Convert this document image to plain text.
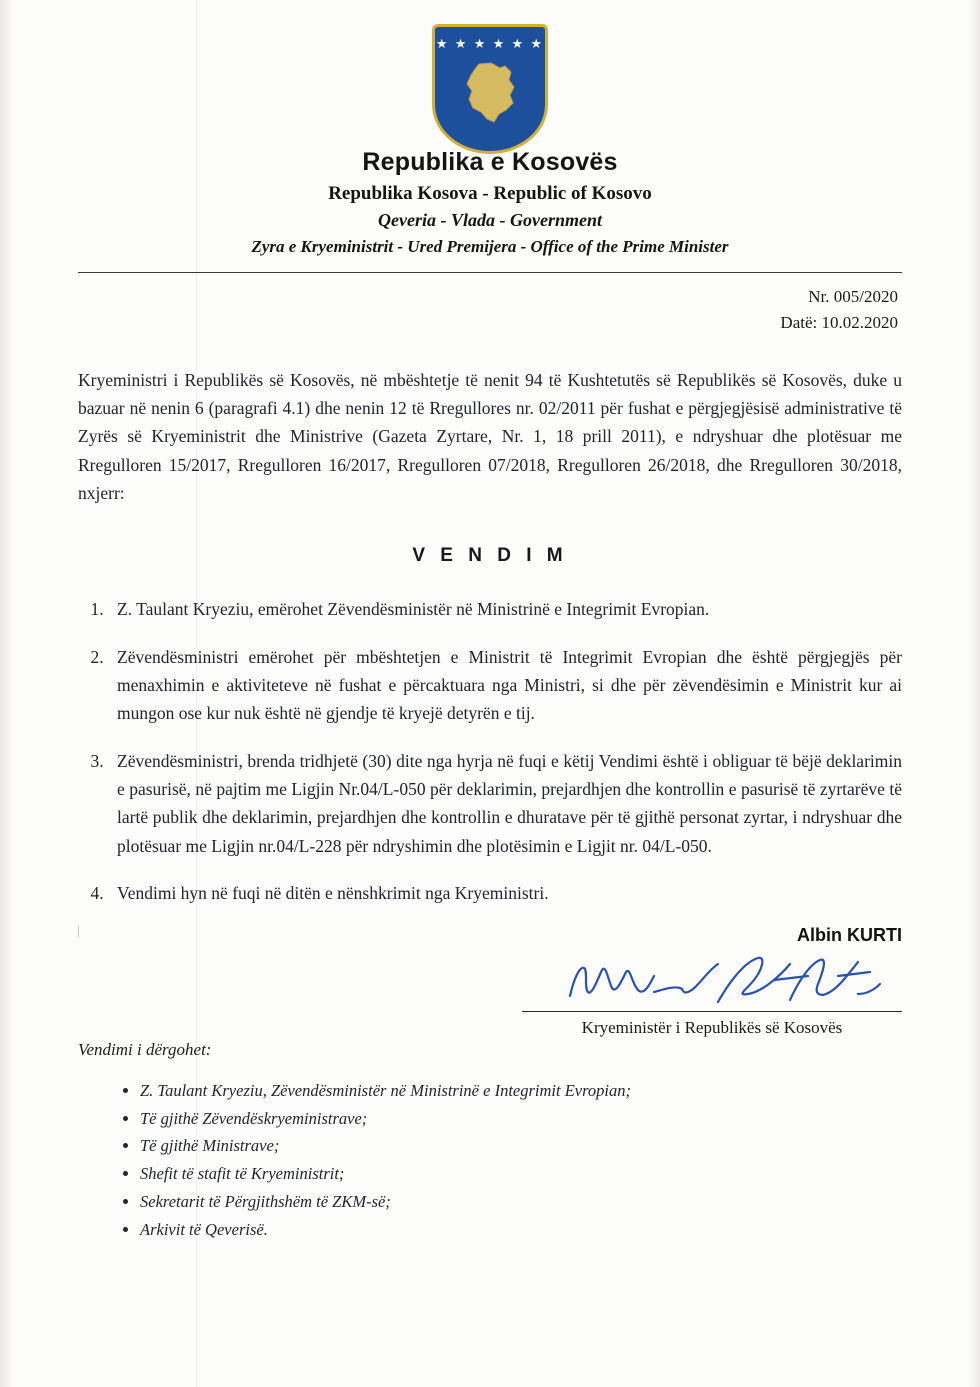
★ ★ ★ ★ ★ ★
Republika e Kosovës
Republika Kosova - Republic of Kosovo
Qeveria - Vlada - Government
Zyra e Kryeministrit - Ured Premijera - Office of the Prime Minister
Nr. 005/2020
Datë: 10.02.2020

Kryeministri i Republikës së Kosovës, në mbështetje të nenit 94 të Kushtetutës së Republikës së Kosovës, duke u bazuar në nenin 6 (paragrafi 4.1) dhe nenin 12 të Rregullores nr. 02/2011 për fushat e përgjegjësisë administrative të Zyrës së Kryeministrit dhe Ministrive (Gazeta Zyrtare, Nr. 1, 18 prill 2011), e ndryshuar dhe plotësuar me Rregulloren 15/2017, Rregulloren 16/2017, Rregulloren 07/2018, Rregulloren 26/2018, dhe Rregulloren 30/2018, nxjerr:

V E N D I M
1. Z. Taulant Kryeziu, emërohet Zëvendësministër në Ministrinë e Integrimit Evropian.
2. Zëvendësministri emërohet për mbështetjen e Ministrit të Integrimit Evropian dhe është përgjegjës për menaxhimin e aktiviteteve në fushat e përcaktuara nga Ministri, si dhe për zëvendësimin e Ministrit kur ai mungon ose kur nuk është në gjendje të kryejë detyrën e tij.
3. Zëvendësministri, brenda tridhjetë (30) dite nga hyrja në fuqi e këtij Vendimi është i obliguar të bëjë deklarimin e pasurisë, në pajtim me Ligjin Nr.04/L-050 për deklarimin, prejardhjen dhe kontrollin e pasurisë të zyrtarëve të lartë publik dhe deklarimin, prejardhjen dhe kontrollin e dhuratave për të gjithë personat zyrtar, i ndryshuar dhe plotësuar me Ligjin nr.04/L-228 për ndryshimin dhe plotësimin e Ligjit nr. 04/L-050.
4. Vendimi hyn në fuqi në ditën e nënshkrimit nga Kryeministri.
Albin KURTI
Kryeministër i Republikës së Kosovës
Vendimi i dërgohet:
• Z. Taulant Kryeziu, Zëvendësministër në Ministrinë e Integrimit Evropian;
• Të gjithë Zëvendëskryeministrave;
• Të gjithë Ministrave;
• Shefit të stafit të Kryeministrit;
• Sekretarit të Përgjithshëm të ZKM-së;
• Arkivit të Qeverisë.
